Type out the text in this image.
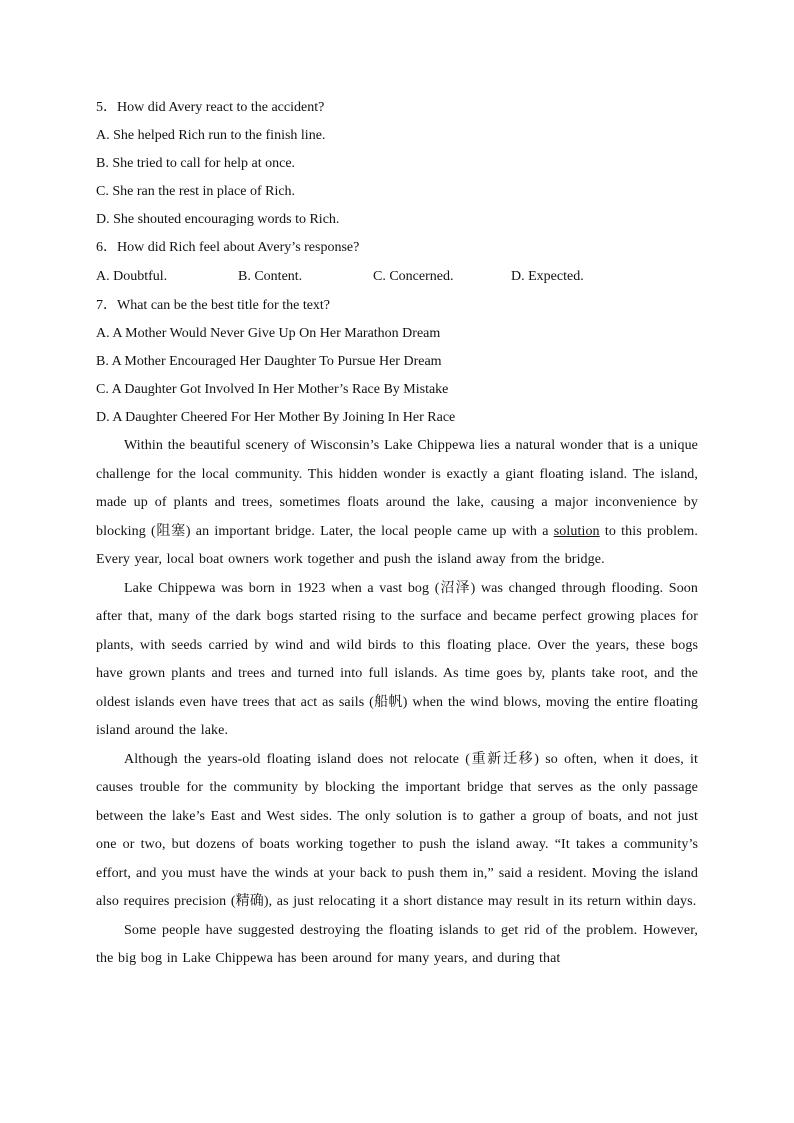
5．How did Avery react to the accident?

A. She helped Rich run to the finish line.

B. She tried to call for help at once.

C. She ran the rest in place of Rich.

D. She shouted encouraging words to Rich.

6．How did Rich feel about Avery’s response?

A. Doubtful.	B. Content.	C. Concerned.	D. Expected.

7．What can be the best title for the text?

A. A Mother Would Never Give Up On Her Marathon Dream

B. A Mother Encouraged Her Daughter To Pursue Her Dream

C. A Daughter Got Involved In Her Mother’s Race By Mistake

D. A Daughter Cheered For Her Mother By Joining In Her Race

Within the beautiful scenery of Wisconsin’s Lake Chippewa lies a natural wonder that is a unique challenge for the local community. This hidden wonder is exactly a giant floating island. The island, made up of plants and trees, sometimes floats around the lake, causing a major inconvenience by blocking (阻塞) an important bridge. Later, the local people came up with a solution to this problem. Every year, local boat owners work together and push the island away from the bridge.

Lake Chippewa was born in 1923 when a vast bog (沼泽) was changed through flooding. Soon after that, many of the dark bogs started rising to the surface and became perfect growing places for plants, with seeds carried by wind and wild birds to this floating place. Over the years, these bogs have grown plants and trees and turned into full islands. As time goes by, plants take root, and the oldest islands even have trees that act as sails (船帆) when the wind blows, moving the entire floating island around the lake.

Although the years-old floating island does not relocate (重新迁移) so often, when it does, it causes trouble for the community by blocking the important bridge that serves as the only passage between the lake’s East and West sides. The only solution is to gather a group of boats, and not just one or two, but dozens of boats working together to push the island away. “It takes a community’s effort, and you must have the winds at your back to push them in,” said a resident. Moving the island also requires precision (精确), as just relocating it a short distance may result in its return within days.

Some people have suggested destroying the floating islands to get rid of the problem. However, the big bog in Lake Chippewa has been around for many years, and during that
